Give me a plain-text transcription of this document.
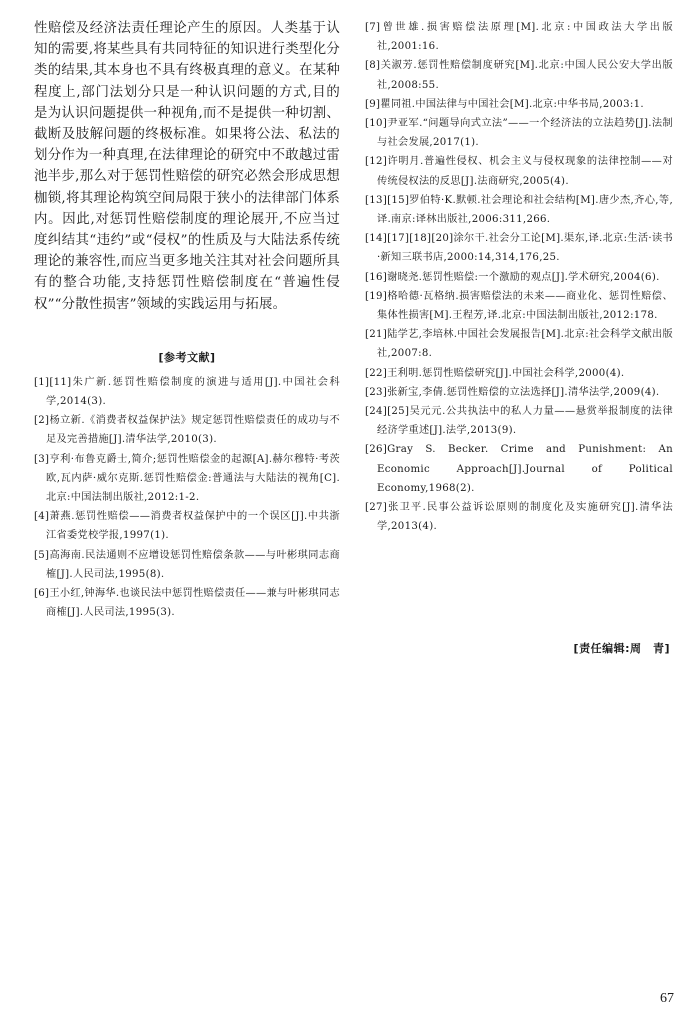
性赔偿及经济法责任理论产生的原因。人类基于认知的需要,将某些具有共同特征的知识进行类型化分类的结果,其本身也不具有终极真理的意义。在某种程度上,部门法划分只是一种认识问题的方式,目的是为认识问题提供一种视角,而不是提供一种切割、截断及肢解问题的终极标准。如果将公法、私法的划分作为一种真理,在法律理论的研究中不敢越过雷池半步,那么对于惩罚性赔偿的研究必然会形成思想枷锁,将其理论构筑空间局限于狭小的法律部门体系内。因此,对惩罚性赔偿制度的理论展开,不应当过度纠结其“违约”或“侵权”的性质及与大陆法系传统理论的兼容性,而应当更多地关注其对社会问题所具有的整合功能,支持惩罚性赔偿制度在“普遍性侵权”“分散性损害”领域的实践运用与拓展。

[参考文献]
[1][11]朱广新.惩罚性赔偿制度的演进与适用[J].中国社会科学,2014(3).
[2]杨立新.《消费者权益保护法》规定惩罚性赔偿责任的成功与不足及完善措施[J].清华法学,2010(3).
[3]亨利·布鲁克爵士,简介;惩罚性赔偿金的起源[A].赫尔穆特·考茨欧,瓦内萨·威尔克斯.惩罚性赔偿金:普通法与大陆法的视角[C].北京:中国法制出版社,2012:1-2.
[4]萧燕.惩罚性赔偿——消费者权益保护中的一个误区[J].中共浙江省委党校学报,1997(1).
[5]高海南.民法通则不应增设惩罚性赔偿条款——与叶彬琪同志商榷[J].人民司法,1995(8).
[6]王小红,钟海华.也谈民法中惩罚性赔偿责任——兼与叶彬琪同志商榷[J].人民司法,1995(3).
[7]曾世雄.损害赔偿法原理[M].北京:中国政法大学出版社,2001:16.
[8]关淑芳.惩罚性赔偿制度研究[M].北京:中国人民公安大学出版社,2008:55.
[9]瞿同祖.中国法律与中国社会[M].北京:中华书局,2003:1.
[10]尹亚军.“问题导向式立法”——一个经济法的立法趋势[J].法制与社会发展,2017(1).
[12]许明月.普遍性侵权、机会主义与侵权现象的法律控制——对传统侵权法的反思[J].法商研究,2005(4).
[13][15]罗伯特·K.默顿.社会理论和社会结构[M].唐少杰,齐心,等,译.南京:译林出版社,2006:311,266.
[14][17][18][20]涂尔干.社会分工论[M].渠东,译.北京:生活·读书·新知三联书店,2000:14,314,176,25.
[16]谢晓尧.惩罚性赔偿:一个激励的观点[J].学术研究,2004(6).
[19]格哈德·瓦格纳.损害赔偿法的未来——商业化、惩罚性赔偿、集体性损害[M].王程芳,译.北京:中国法制出版社,2012:178.
[21]陆学艺,李培林.中国社会发展报告[M].北京:社会科学文献出版社,2007:8.
[22]王利明.惩罚性赔偿研究[J].中国社会科学,2000(4).
[23]张新宝,李倩.惩罚性赔偿的立法选择[J].清华法学,2009(4).
[24][25]吴元元.公共执法中的私人力量——悬赏举报制度的法律经济学重述[J].法学,2013(9).
[26]Gray S. Becker. Crime and Punishment: An Economic Approach[J].Journal of Political Economy,1968(2).
[27]张卫平.民事公益诉讼原则的制度化及实施研究[J].清华法学,2013(4).
[责任编辑:周　青]
67
